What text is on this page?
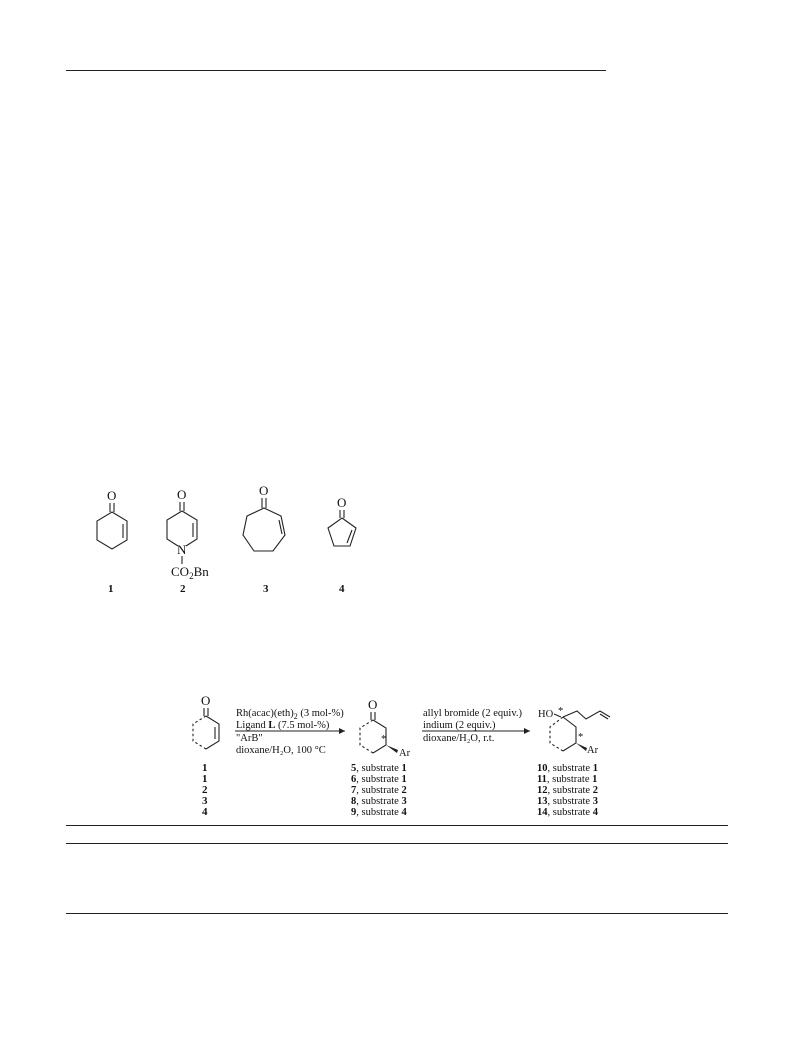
O
1
O
N
$CO_2Bn$
2
O
3
O
4
O
$Rh(acac)(eth)_2$ (3 mol-%)
Ligand L (7.5 mol-%)
"ArB"
dioxane/H₂O, 100 °C
O
*
Ar
allyl bromide (2 equiv.)
indium (2 equiv.)
dioxane/H₂O, r.t.
HO *
*
Ar
1
1
2
3
4
5, substrate 1
6, substrate 1
7, substrate 2
8, substrate 3
9, substrate 4
10, substrate 1
11, substrate 1
12, substrate 2
13, substrate 3
14, substrate 4
